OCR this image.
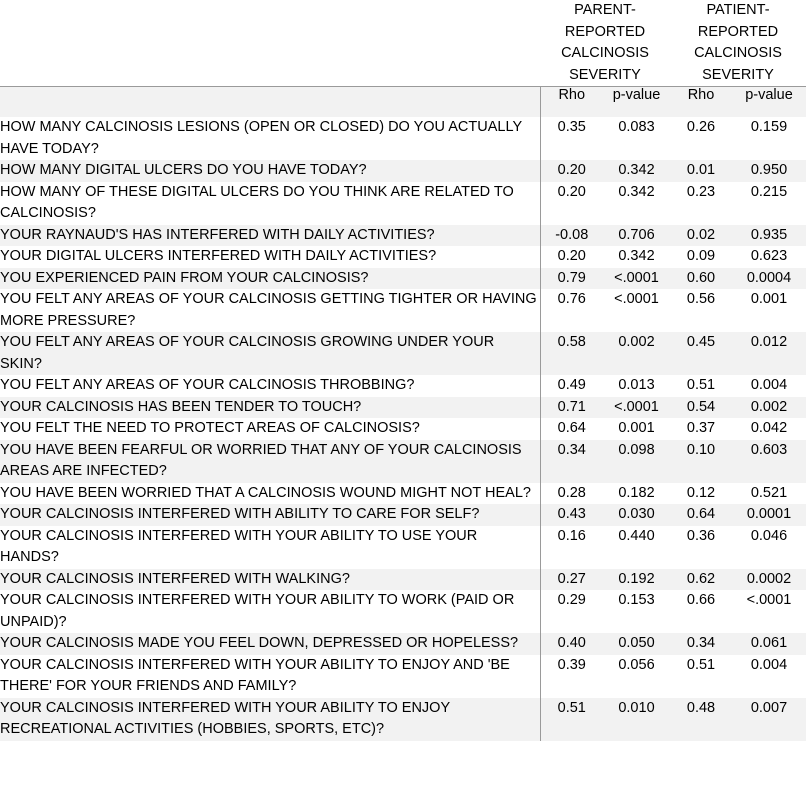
	PARENT-
REPORTED
CALCINOSIS
SEVERITY		PATIENT-
REPORTED
CALCINOSIS
SEVERITY	
	Rho	p-value	Rho	p-value
HOW MANY CALCINOSIS LESIONS (OPEN OR CLOSED) DO YOU ACTUALLY HAVE TODAY?	0.35	0.083	0.26	0.159
HOW MANY DIGITAL ULCERS DO YOU HAVE TODAY?	0.20	0.342	0.01	0.950
HOW MANY OF THESE DIGITAL ULCERS DO YOU THINK ARE RELATED TO CALCINOSIS?	0.20	0.342	0.23	0.215
YOUR RAYNAUD'S HAS INTERFERED WITH DAILY ACTIVITIES?	-0.08	0.706	0.02	0.935
YOUR DIGITAL ULCERS INTERFERED WITH DAILY ACTIVITIES?	0.20	0.342	0.09	0.623
YOU EXPERIENCED PAIN FROM YOUR CALCINOSIS?	0.79	<.0001	0.60	0.0004
YOU FELT ANY AREAS OF YOUR CALCINOSIS GETTING TIGHTER OR HAVING MORE PRESSURE?	0.76	<.0001	0.56	0.001
YOU FELT ANY AREAS OF YOUR CALCINOSIS GROWING UNDER YOUR SKIN?	0.58	0.002	0.45	0.012
YOU FELT ANY AREAS OF YOUR CALCINOSIS THROBBING?	0.49	0.013	0.51	0.004
YOUR CALCINOSIS HAS BEEN TENDER TO TOUCH?	0.71	<.0001	0.54	0.002
YOU FELT THE NEED TO PROTECT AREAS OF CALCINOSIS?	0.64	0.001	0.37	0.042
YOU HAVE BEEN FEARFUL OR WORRIED THAT ANY OF YOUR CALCINOSIS AREAS ARE INFECTED?	0.34	0.098	0.10	0.603
YOU HAVE BEEN WORRIED THAT A CALCINOSIS WOUND MIGHT NOT HEAL?	0.28	0.182	0.12	0.521
YOUR CALCINOSIS INTERFERED WITH ABILITY TO CARE FOR SELF?	0.43	0.030	0.64	0.0001
YOUR CALCINOSIS INTERFERED WITH YOUR ABILITY TO USE YOUR HANDS?	0.16	0.440	0.36	0.046
YOUR CALCINOSIS INTERFERED WITH WALKING?	0.27	0.192	0.62	0.0002
YOUR CALCINOSIS INTERFERED WITH YOUR ABILITY TO WORK (PAID OR UNPAID)?	0.29	0.153	0.66	<.0001
YOUR CALCINOSIS MADE YOU FEEL DOWN, DEPRESSED OR HOPELESS?	0.40	0.050	0.34	0.061
YOUR CALCINOSIS INTERFERED WITH YOUR ABILITY TO ENJOY AND 'BE THERE' FOR YOUR FRIENDS AND FAMILY?	0.39	0.056	0.51	0.004
YOUR CALCINOSIS INTERFERED WITH YOUR ABILITY TO ENJOY RECREATIONAL ACTIVITIES (HOBBIES, SPORTS, ETC)?	0.51	0.010	0.48	0.007
